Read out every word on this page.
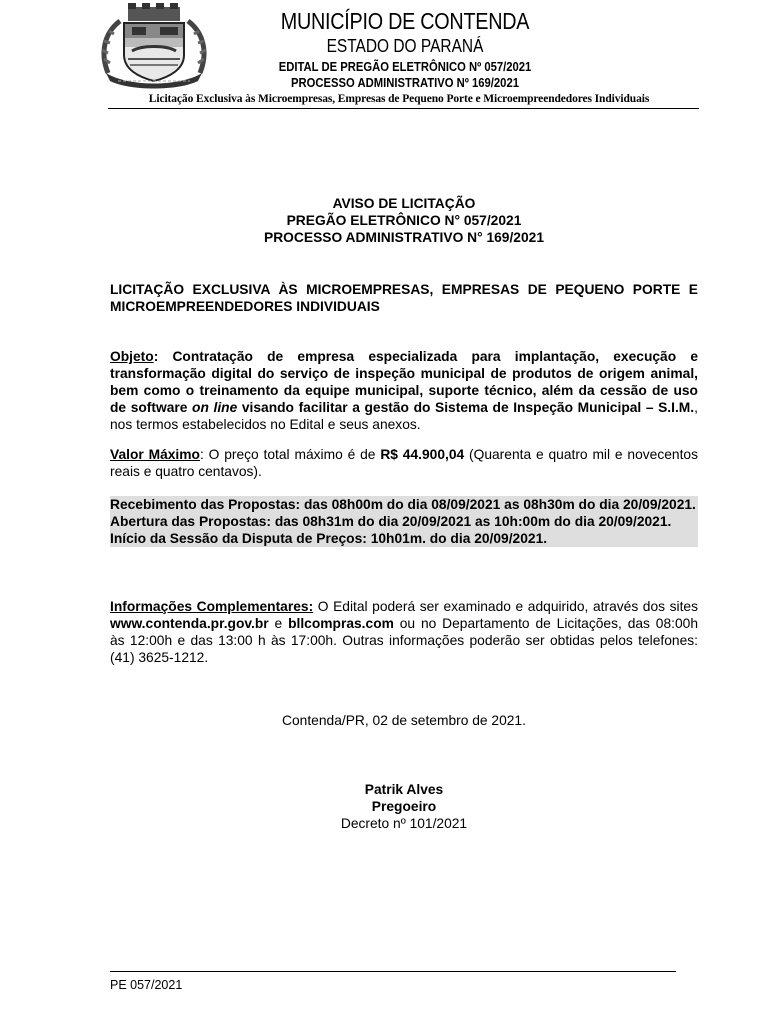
MUNICÍPIO DE CONTENDA
ESTADO DO PARANÁ
EDITAL DE PREGÃO ELETRÔNICO Nº 057/2021
PROCESSO ADMINISTRATIVO Nº 169/2021
Licitação Exclusiva às Microempresas, Empresas de Pequeno Porte e Microempreendedores Individuais
AVISO DE LICITAÇÃO
PREGÃO ELETRÔNICO N° 057/2021
PROCESSO ADMINISTRATIVO N° 169/2021
LICITAÇÃO EXCLUSIVA ÀS MICROEMPRESAS, EMPRESAS DE PEQUENO PORTE E MICROEMPREENDEDORES INDIVIDUAIS
Objeto: Contratação de empresa especializada para implantação, execução e transformação digital do serviço de inspeção municipal de produtos de origem animal, bem como o treinamento da equipe municipal, suporte técnico, além da cessão de uso de software on line visando facilitar a gestão do Sistema de Inspeção Municipal – S.I.M., nos termos estabelecidos no Edital e seus anexos.
Valor Máximo: O preço total máximo é de R$ 44.900,04 (Quarenta e quatro mil e novecentos reais e quatro centavos).
Recebimento das Propostas: das 08h00m do dia 08/09/2021 as 08h30m do dia 20/09/2021.
Abertura das Propostas: das 08h31m do dia 20/09/2021 as 10h:00m do dia 20/09/2021.
Início da Sessão da Disputa de Preços: 10h01m. do dia 20/09/2021.
Informações Complementares: O Edital poderá ser examinado e adquirido, através dos sites www.contenda.pr.gov.br e bllcompras.com ou no Departamento de Licitações, das 08:00h às 12:00h e das 13:00 h às 17:00h. Outras informações poderão ser obtidas pelos telefones: (41) 3625-1212.
Contenda/PR, 02 de setembro de 2021.
Patrik Alves
Pregoeiro
Decreto nº 101/2021
PE 057/2021
